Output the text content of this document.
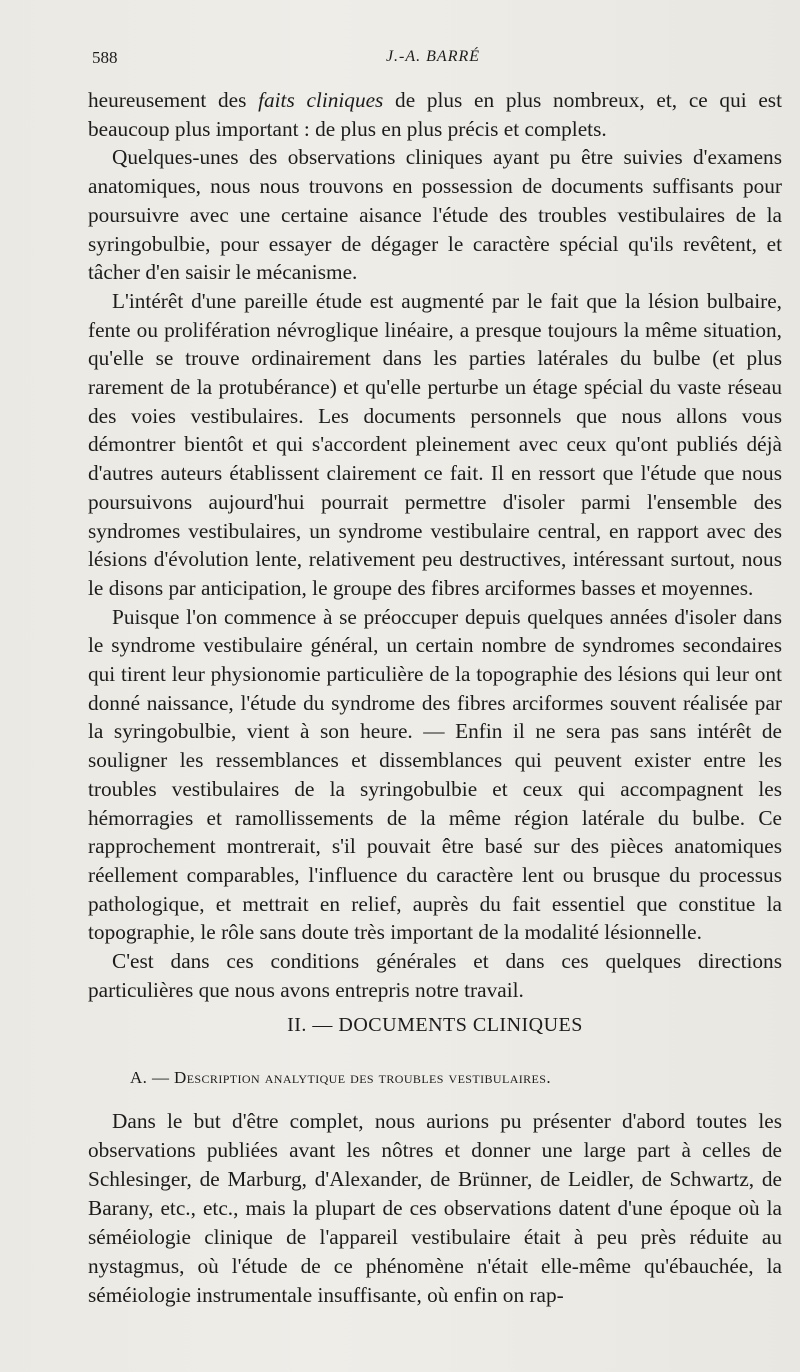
588	J.-A. BARRÉ

heureusement des faits cliniques de plus en plus nombreux, et, ce qui est beaucoup plus important : de plus en plus précis et complets.

Quelques-unes des observations cliniques ayant pu être suivies d'examens anatomiques, nous nous trouvons en possession de documents suffisants pour poursuivre avec une certaine aisance l'étude des troubles vestibulaires de la syringobulbie, pour essayer de dégager le caractère spécial qu'ils revêtent, et tâcher d'en saisir le mécanisme.

L'intérêt d'une pareille étude est augmenté par le fait que la lésion bulbaire, fente ou prolifération névroglique linéaire, a presque toujours la même situation, qu'elle se trouve ordinairement dans les parties latérales du bulbe (et plus rarement de la protubérance) et qu'elle perturbe un étage spécial du vaste réseau des voies vestibulaires. Les documents personnels que nous allons vous démontrer bientôt et qui s'accordent pleinement avec ceux qu'ont publiés déjà d'autres auteurs établissent clairement ce fait. Il en ressort que l'étude que nous poursuivons aujourd'hui pourrait permettre d'isoler parmi l'ensemble des syndromes vestibulaires, un syndrome vestibulaire central, en rapport avec des lésions d'évolution lente, relativement peu destructives, intéressant surtout, nous le disons par anticipation, le groupe des fibres arciformes basses et moyennes.

Puisque l'on commence à se préoccuper depuis quelques années d'isoler dans le syndrome vestibulaire général, un certain nombre de syndromes secondaires qui tirent leur physionomie particulière de la topographie des lésions qui leur ont donné naissance, l'étude du syndrome des fibres arciformes souvent réalisée par la syringobulbie, vient à son heure. — Enfin il ne sera pas sans intérêt de souligner les ressemblances et dissemblances qui peuvent exister entre les troubles vestibulaires de la syringobulbie et ceux qui accompagnent les hémorragies et ramollissements de la même région latérale du bulbe. Ce rapprochement montrerait, s'il pouvait être basé sur des pièces anatomiques réellement comparables, l'influence du caractère lent ou brusque du processus pathologique, et mettrait en relief, auprès du fait essentiel que constitue la topographie, le rôle sans doute très important de la modalité lésionnelle.

C'est dans ces conditions générales et dans ces quelques directions particulières que nous avons entrepris notre travail.

II. — DOCUMENTS CLINIQUES
A. — Description analytique des troubles vestibulaires.

Dans le but d'être complet, nous aurions pu présenter d'abord toutes les observations publiées avant les nôtres et donner une large part à celles de Schlesinger, de Marburg, d'Alexander, de Brünner, de Leidler, de Schwartz, de Barany, etc., etc., mais la plupart de ces observations datent d'une époque où la séméiologie clinique de l'appareil vestibulaire était à peu près réduite au nystagmus, où l'étude de ce phénomène n'était elle-même qu'ébauchée, la séméiologie instrumentale insuffisante, où enfin on rap-
